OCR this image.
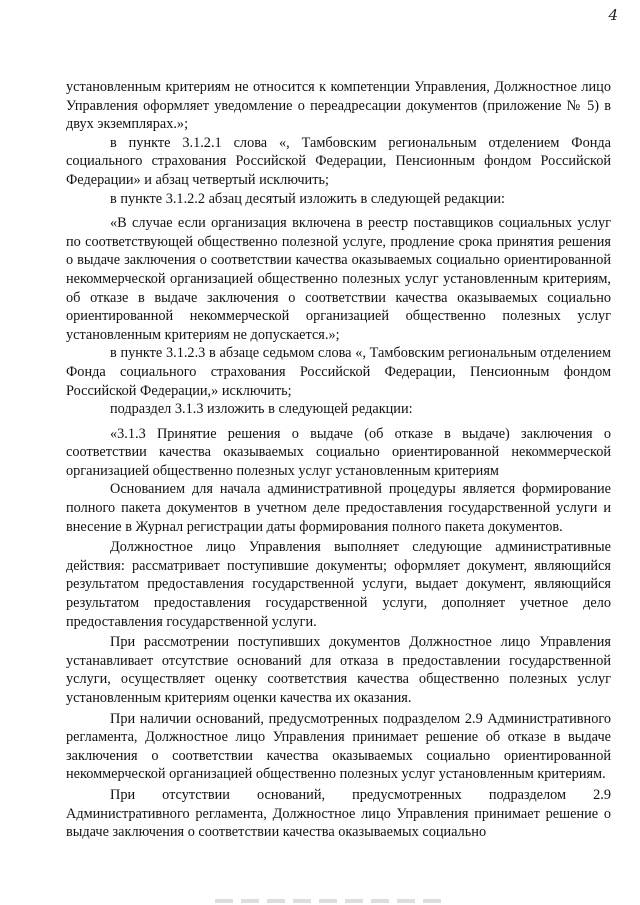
4

установленным критериям не относится к компетенции Управления, Должностное лицо Управления оформляет уведомление о переадресации документов (приложение № 5) в двух экземплярах.»;

в пункте 3.1.2.1 слова «, Тамбовским региональным отделением Фонда социального страхования Российской Федерации, Пенсионным фондом Российской Федерации» и абзац четвертый исключить;

в пункте 3.1.2.2 абзац десятый изложить в следующей редакции:

«В случае если организация включена в реестр поставщиков социальных услуг по соответствующей общественно полезной услуге, продление срока принятия решения о выдаче заключения о соответствии качества оказываемых социально ориентированной некоммерческой организацией общественно полезных услуг установленным критериям, об отказе в выдаче заключения о соответствии качества оказываемых социально ориентированной некоммерческой организацией общественно полезных услуг установленным критериям не допускается.»;

в пункте 3.1.2.3 в абзаце седьмом слова «, Тамбовским региональным отделением Фонда социального страхования Российской Федерации, Пенсионным фондом Российской Федерации,» исключить;

подраздел 3.1.3 изложить в следующей редакции:

«3.1.3 Принятие решения о выдаче (об отказе в выдаче) заключения о соответствии качества оказываемых социально ориентированной некоммерческой организацией общественно полезных услуг установленным критериям

Основанием для начала административной процедуры является формирование полного пакета документов в учетном деле предоставления государственной услуги и внесение в Журнал регистрации даты формирования полного пакета документов.

Должностное лицо Управления выполняет следующие административные действия: рассматривает поступившие документы; оформляет документ, являющийся результатом предоставления государственной услуги, выдает документ, являющийся результатом предоставления государственной услуги, дополняет учетное дело предоставления государственной услуги.

При рассмотрении поступивших документов Должностное лицо Управления устанавливает отсутствие оснований для отказа в предоставлении государственной услуги, осуществляет оценку соответствия качества общественно полезных услуг установленным критериям оценки качества их оказания.

При наличии оснований, предусмотренных подразделом 2.9 Административного регламента, Должностное лицо Управления принимает решение об отказе в выдаче заключения о соответствии качества оказываемых социально ориентированной некоммерческой организацией общественно полезных услуг установленным критериям.

При отсутствии оснований, предусмотренных подразделом 2.9 Административного регламента, Должностное лицо Управления принимает решение о выдаче заключения о соответствии качества оказываемых социально
